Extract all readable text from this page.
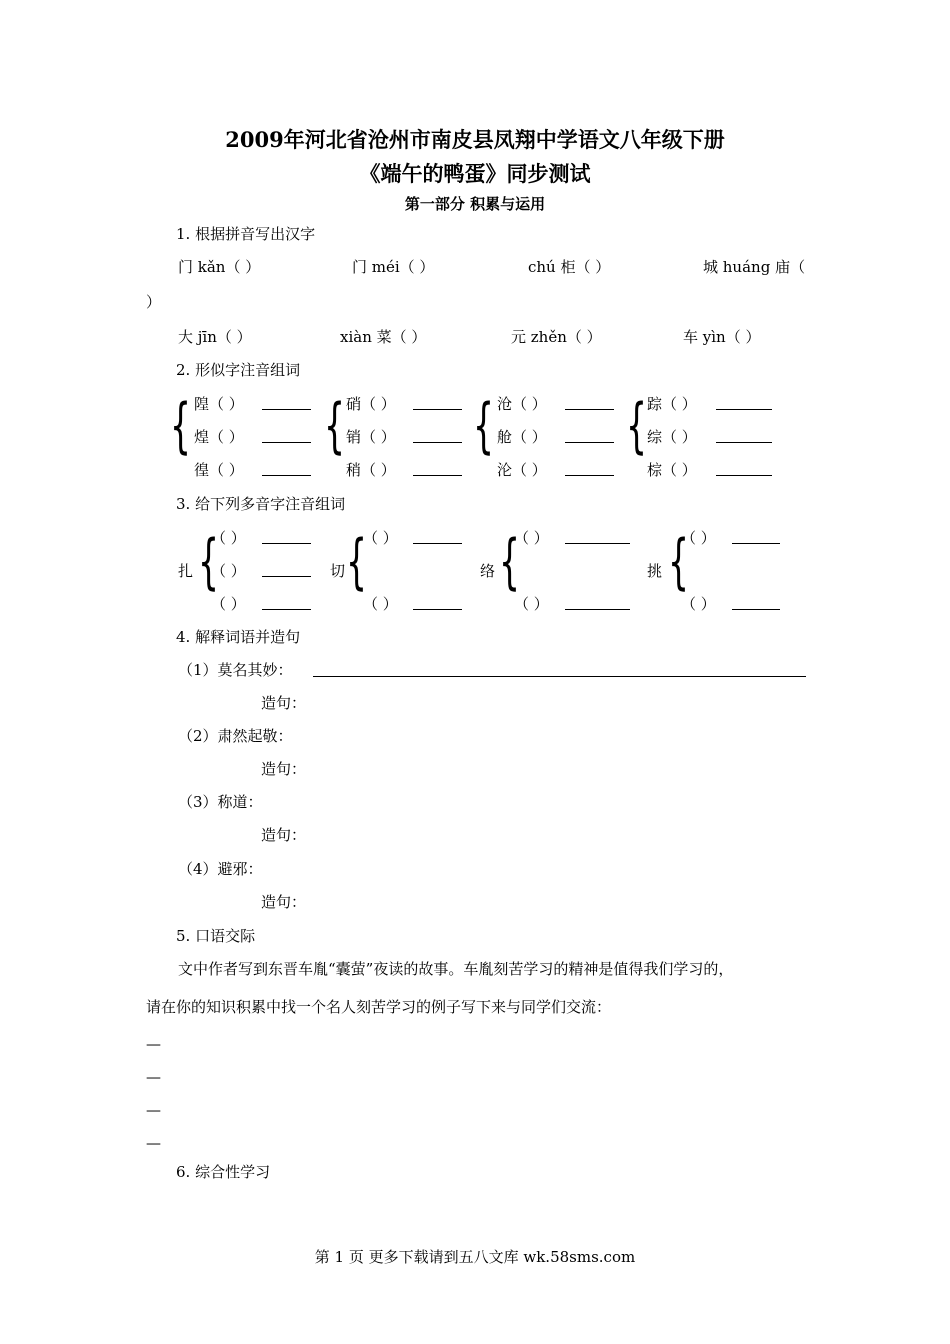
2009年河北省沧州市南皮县凤翔中学语文八年级下册
《端午的鸭蛋》同步测试
第一部分 积累与运用
1. 根据拼音写出汉字
门 kǎn（ ）	门 méi（ ）	chú 柜（ ）	城 huáng 庙（
）
大 jīn（ ）	xiàn 菜（ ）	元 zhěn（ ）	车 yìn（ ）
2. 形似字注音组词
{ 隍（ ）
煌（ ）
徨（ ）
{ 硝（ ）
销（ ）
稍（ ）
{ 沧（ ）
舱（ ）
沦（ ）
{ 踪（ ）
综（ ）
棕（ ）
3. 给下列多音字注音组词
扎 {
（ ）
（ ）
（ ）
切 {
（ ）
（ ）
络 {
（ ）
（ ）
挑 {
（ ）
（ ）
4. 解释词语并造句
（1）莫名其妙：
造句：
（2）肃然起敬：
造句：
（3）称道：
造句：
（4）避邪：
造句：
5. 口语交际
文中作者写到东晋车胤“囊萤”夜读的故事。车胤刻苦学习的精神是值得我们学习的，
请在你的知识积累中找一个名人刻苦学习的例子写下来与同学们交流：
—
—
—
—
6. 综合性学习
第 1 页 更多下载请到五八文库 wk.58sms.com
